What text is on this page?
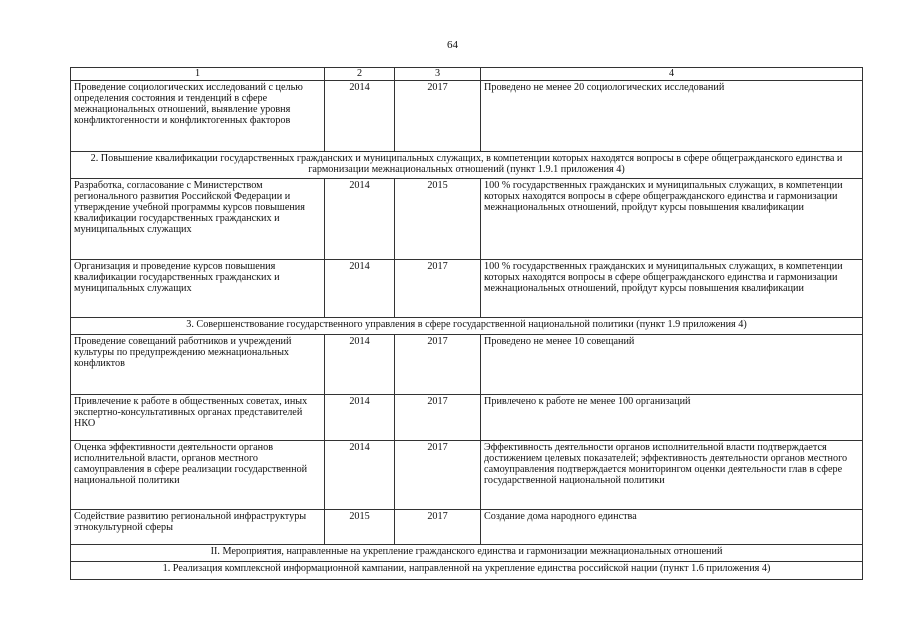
64
1	2	3	4
Проведение социологических исследований с целью определения состояния и тенденций в сфере межнациональных отношений, выявление уровня конфликтогенности и конфликтогенных факторов	2014	2017	Проведено не менее 20 социологических исследований
2. Повышение квалификации государственных гражданских и муниципальных служащих, в компетенции которых находятся вопросы в сфере общегражданского единства и гармонизации межнациональных отношений (пункт 1.9.1 приложения 4)			
Разработка, согласование с Министерством регионального развития Российской Федерации и утверждение учебной программы курсов повышения квалификации государственных гражданских и муниципальных служащих	2014	2015	100 % государственных гражданских и муниципальных служащих, в компетенции которых находятся вопросы в сфере общегражданского единства и гармонизации межнациональных отношений, пройдут курсы повышения квалификации
Организация и проведение курсов повышения квалификации государственных гражданских и муниципальных служащих	2014	2017	100 % государственных гражданских и муниципальных служащих, в компетенции которых находятся вопросы в сфере общегражданского единства и гармонизации межнациональных отношений, пройдут курсы повышения квалификации
3. Совершенствование государственного управления в сфере государственной национальной политики (пункт 1.9 приложения 4)			
Проведение совещаний работников и учреждений культуры по предупреждению межнациональных конфликтов	2014	2017	Проведено не менее 10 совещаний
Привлечение к работе в общественных советах, иных экспертно-консультативных органах представителей НКО	2014	2017	Привлечено к работе не менее 100 организаций
Оценка эффективности деятельности органов исполнительной власти, органов местного самоуправления в сфере реализации государственной национальной политики	2014	2017	Эффективность деятельности органов исполнительной власти подтверждается достижением целевых показателей; эффективность деятельности органов местного самоуправления подтверждается мониторингом оценки деятельности глав в сфере государственной национальной политики
Содействие развитию региональной инфраструктуры этнокультурной сферы	2015	2017	Создание дома народного единства
II. Мероприятия, направленные на укрепление гражданского единства и гармонизации межнациональных отношений			
1. Реализация комплексной информационной кампании, направленной на укрепление единства российской нации (пункт 1.6 приложения 4)			
